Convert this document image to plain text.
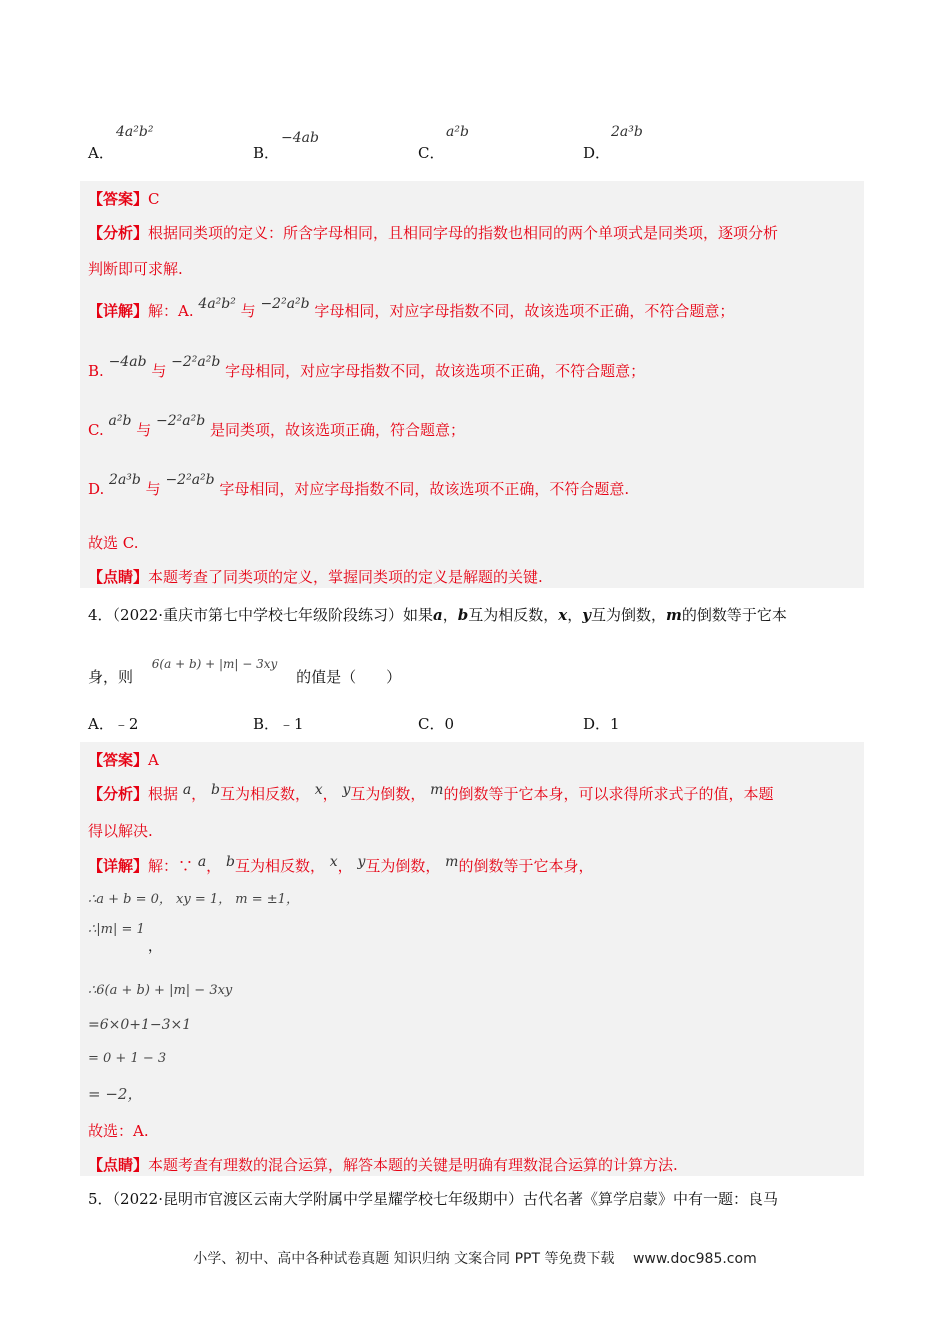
A．
4a²b²
B．
−4ab
C．
a²b
D．
2a³b
【答案】C
【分析】根据同类项的定义：所含字母相同，且相同字母的指数也相同的两个单项式是同类项，逐项分析
判断即可求解.
【详解】解：A. 4a²b² 与 −2²a²b 字母相同，对应字母指数不同，故该选项不正确，不符合题意；
B. −4ab 与 −2²a²b 字母相同，对应字母指数不同，故该选项不正确，不符合题意；
C. a²b 与 −2²a²b 是同类项，故该选项正确，符合题意；
D. 2a³b 与 −2²a²b 字母相同，对应字母指数不同，故该选项不正确，不符合题意.
故选 C.
【点睛】本题考查了同类项的定义，掌握同类项的定义是解题的关键.
4．（2022·重庆市第七中学校七年级阶段练习）如果a，b互为相反数，x，y互为倒数，m的倒数等于它本
身，则 $^{6(a + b) + |m| - 3xy}$ 的值是（　　）
A．﹣2	B．﹣1	C．0	D．1
【答案】A
【分析】根据 a， b互为相反数， x， y互为倒数， m的倒数等于它本身，可以求得所求式子的值，本题
得以解决.
【详解】解：∵ a， b互为相反数， x， y互为倒数， m的倒数等于它本身，
∴a + b = 0， xy = 1， m = ±1，
∴|m| = 1
，
∴6(a + b) + |m| − 3xy
=6×0+1−3×1
= 0 + 1 − 3
= −2，
故选：A.
【点睛】本题考查有理数的混合运算，解答本题的关键是明确有理数混合运算的计算方法.
5．（2022·昆明市官渡区云南大学附属中学星耀学校七年级期中）古代名著《算学启蒙》中有一题：良马
小学、初中、高中各种试卷真题 知识归纳 文案合同 PPT 等免费下载 www.doc985.com
